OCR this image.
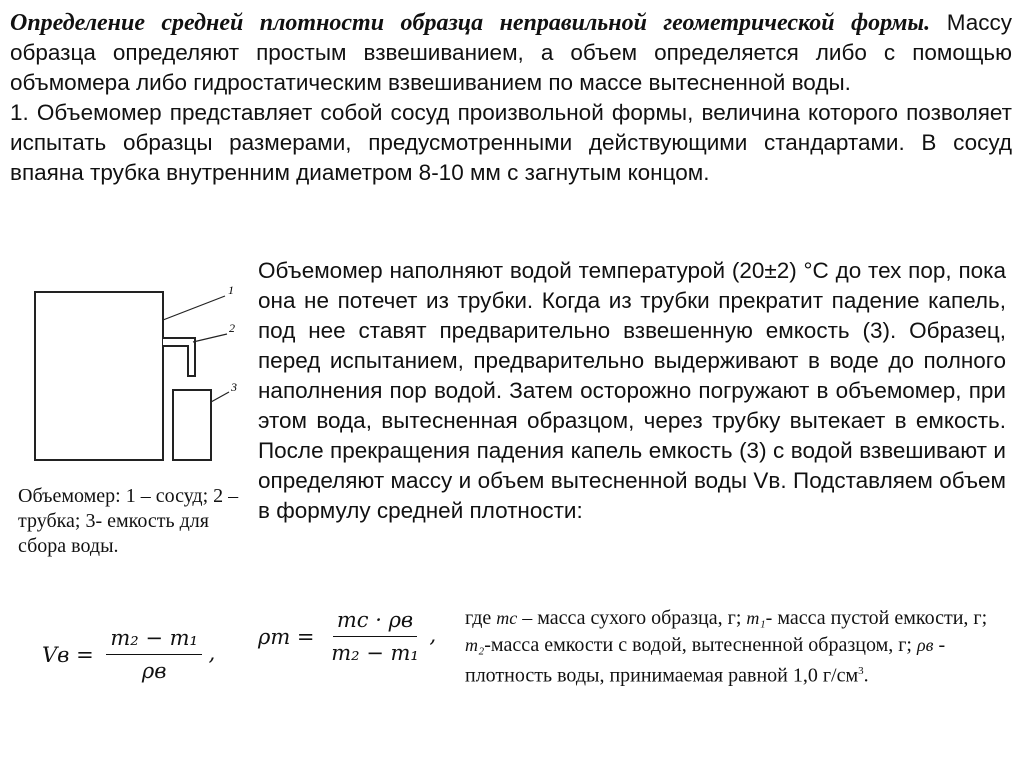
Определение средней плотности образца неправильной геометрической формы. Массу образца определяют простым взвешиванием, а объем определяется либо с помощью объмомера либо гидростатическим взвешиванием по массе вытесненной воды.

1. Объемомер представляет собой сосуд произвольной формы, величина которого позволяет испытать образцы размерами, предусмотренными действующими стандартами. В сосуд впаяна трубка внутренним диаметром 8-10 мм с загнутым концом.

1
2
3

Объемомер наполняют водой температурой (20±2) °С до тех пор, пока она не потечет из трубки. Когда из трубки прекратит падение капель, под нее ставят предварительно взвешенную емкость (3). Образец, перед испытанием, предварительно выдерживают в воде до полного наполнения пор водой. Затем осторожно погружают в объемомер, при этом вода, вытесненная образцом, через трубку вытекает в емкость. После прекращения падения капель емкость (3) с водой взвешивают и определяют массу и объем вытесненной воды Vв. Подставляем объем в формулу средней плотности:

Объемомер: 1 – сосуд; 2 – трубка; 3- емкость для сбора воды.
Vв = $\frac{\text{m₂ − m₁}}{\rho в}$ ,
$\rho m = \frac{mc \cdot \rho в}{\text{m₂ − m₁}}$ ,
где mс – масса сухого образца, г; m₁- масса пустой емкости, г; m₂-масса емкости с водой, вытесненной образцом, г; ρв - плотность воды, принимаемая равной 1,0 $г/см^3$.
